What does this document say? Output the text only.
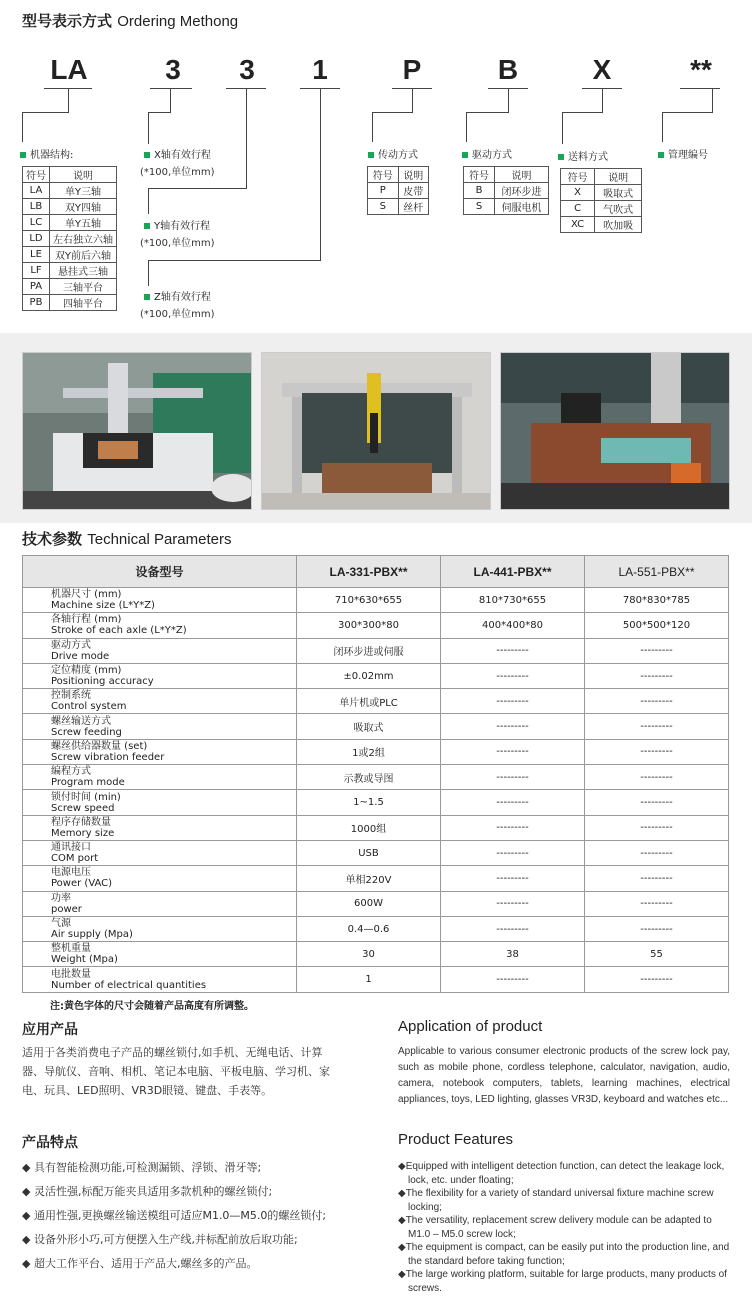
型号表示方式 Ordering Methong
LA	3 3 1	P	B	X	**
机器结构:
符号	说明
LA	单Y三轴
LB	双Y四轴
LC	单Y五轴
LD	左右独立六轴
LE	双Y前后六轴
LF	悬挂式三轴
PA	三轴平台
PB	四轴平台
X轴有效行程
(*100,单位mm)
Y轴有效行程
(*100,单位mm)
Z轴有效行程
(*100,单位mm)
传动方式
符号	说明
P	皮带
S	丝杆
驱动方式
符号	说明
B	闭环步进
S	伺服电机
送料方式
符号	说明
X	吸取式
C	气吹式
XC	吹加吸
管理编号
技术参数 Technical Parameters
设备型号	LA-331-PBX**	LA-441-PBX**	LA-551-PBX**

机器尺寸 (mm)
Machine size (L*Y*Z)	710*630*655	810*730*655	780*830*785

各轴行程 (mm)
Stroke of each axle (L*Y*Z)	300*300*80	400*400*80	500*500*120

驱动方式
Drive mode	闭环步进或伺服	---------	---------

定位精度 (mm)
Positioning accuracy	±0.02mm	---------	---------

控制系统
Control system	单片机或PLC	---------	---------

螺丝输送方式
Screw feeding	吸取式	---------	---------

螺丝供给器数量 (set)
Screw vibration feeder	1或2组	---------	---------

编程方式
Program mode	示教或导图	---------	---------

锁付时间 (min)
Screw speed	1~1.5	---------	---------

程序存储数量
Memory size	1000组	---------	---------

通讯接口
COM port	USB	---------	---------

电源电压
Power (VAC)	单相220V	---------	---------

功率
power	600W	---------	---------

气源
Air supply (Mpa)	0.4—0.6	---------	---------

整机重量
Weight (Mpa)	30	38	55

电批数量
Number of electrical quantities	1	---------	---------
注:黄色字体的尺寸会随着产品高度有所调整。
应用产品
适用于各类消费电子产品的螺丝锁付,如手机、无绳电话、计算器、导航仪、音响、相机、笔记本电脑、平板电脑、学习机、家电、玩具、LED照明、VR3D眼镜、键盘、手表等。
Application of product
Applicable to various consumer electronic products of the screw lock pay, such as mobile phone, cordless telephone, calculator, navigation, audio, camera, notebook computers, tablets, learning machines, electrical appliances, toys, LED lighting, glasses VR3D, keyboard and watches etc...
产品特点
◆ 具有智能检测功能,可检测漏锁、浮锁、滑牙等;
◆ 灵活性强,标配万能夹具适用多款机种的螺丝锁付;
◆ 通用性强,更换螺丝输送模组可适应M1.0—M5.0的螺丝锁付;
◆ 设备外形小巧,可方便摆入生产线,并标配前放后取功能;
◆ 超大工作平台、适用于产品大,螺丝多的产品。
Product Features
◆Equipped with intelligent detection function, can detect the leakage lock, lock, etc. under floating;
◆The flexibility for a variety of standard universal fixture machine screw locking;
◆The versatility, replacement screw delivery module can be adapted to M1.0 – M5.0 screw lock;
◆The equipment is compact, can be easily put into the production line, and the standard before taking function;
◆The large working platform, suitable for large products, many products of screws.
